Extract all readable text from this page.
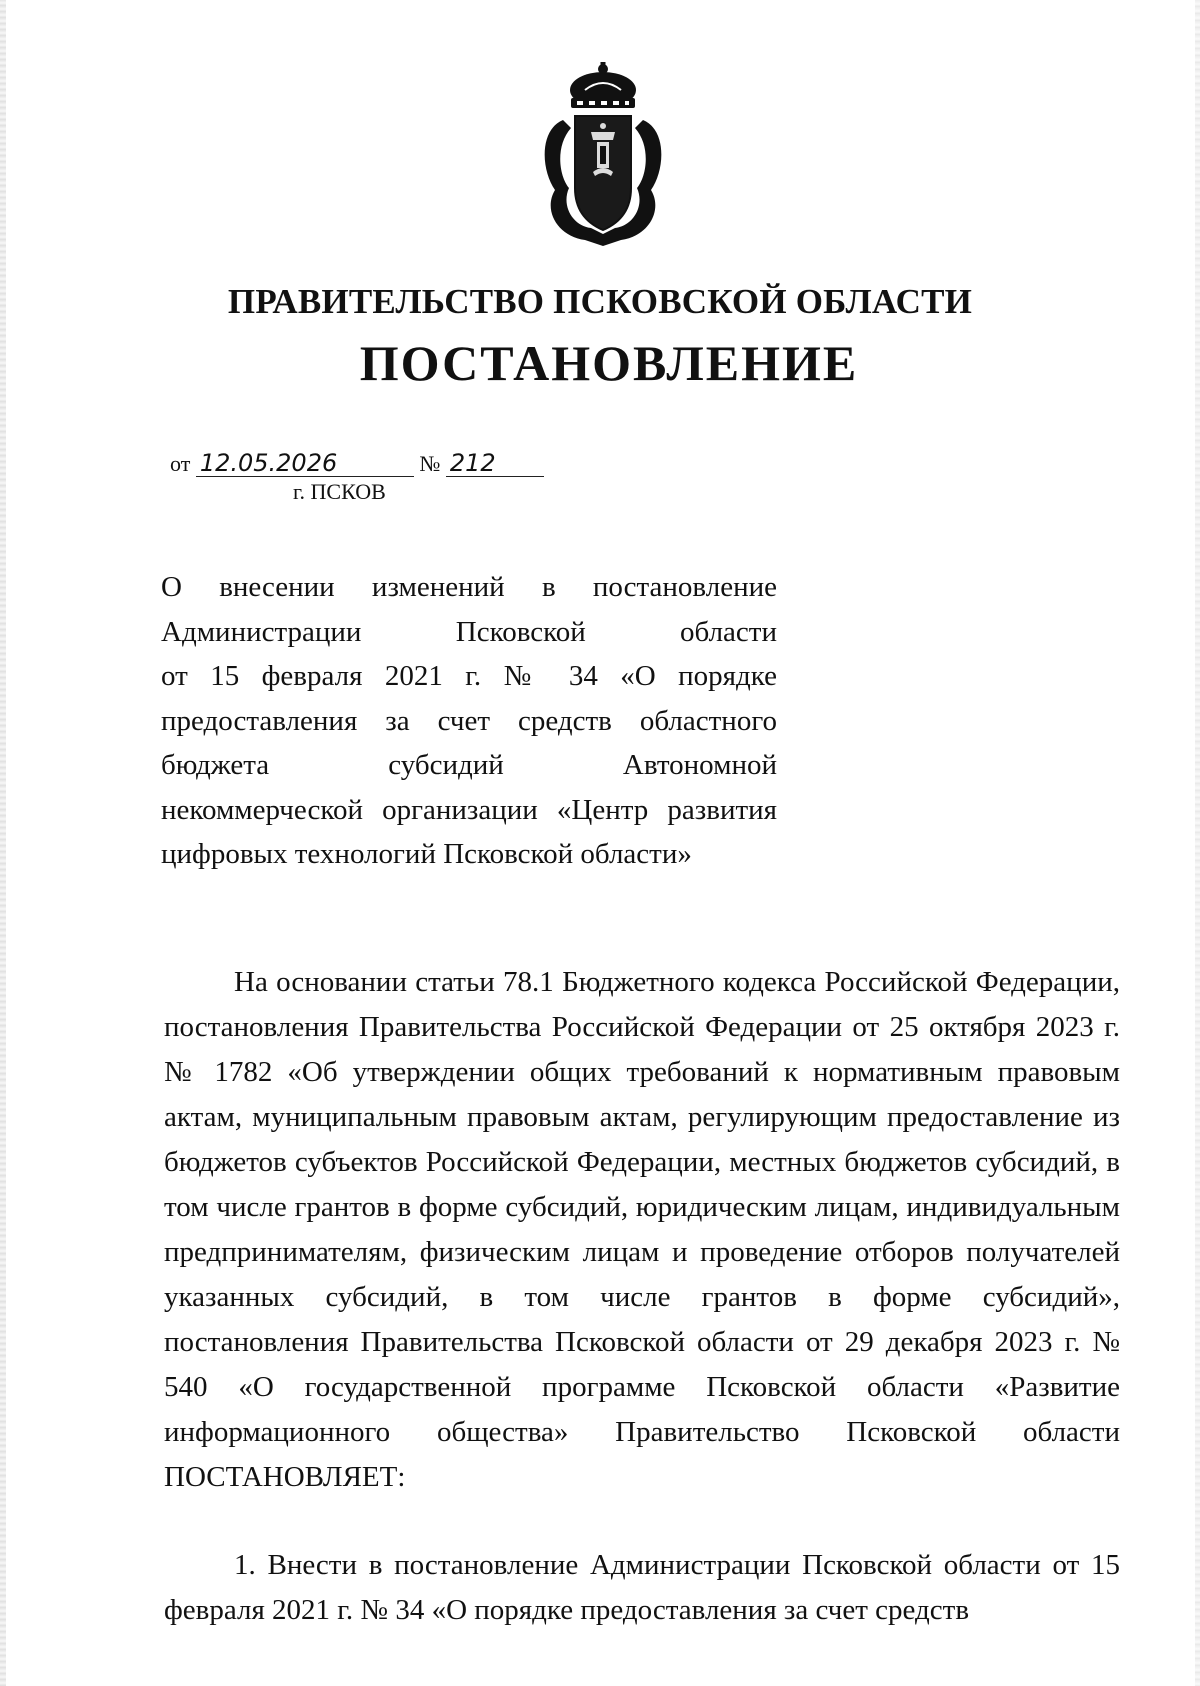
ПРАВИТЕЛЬСТВО ПСКОВСКОЙ ОБЛАСТИ
ПОСТАНОВЛЕНИЕ
от 12.05.2026	№ 212
г. ПСКОВ
О внесении изменений в постановление
Администрации Псковской области
от 15 февраля 2021 г. № 34 «О порядке
предоставления за счет средств областного
бюджета субсидий Автономной
некоммерческой организации «Центр развития
цифровых технологий Псковской области»
На основании статьи 78.1 Бюджетного кодекса Российской Федерации, постановления Правительства Российской Федерации от 25 октября 2023 г. № 1782 «Об утверждении общих требований к нормативным правовым актам, муниципальным правовым актам, регулирующим предоставление из бюджетов субъектов Российской Федерации, местных бюджетов субсидий, в том числе грантов в форме субсидий, юридическим лицам, индивидуальным предпринимателям, физическим лицам и проведение отборов получателей указанных субсидий, в том числе грантов в форме субсидий», постановления Правительства Псковской области от 29 декабря 2023 г. № 540 «О государственной программе Псковской области «Развитие информационного общества» Правительство Псковской области ПОСТАНОВЛЯЕТ:
1. Внести в постановление Администрации Псковской области от 15 февраля 2021 г. № 34 «О порядке предоставления за счет средств
